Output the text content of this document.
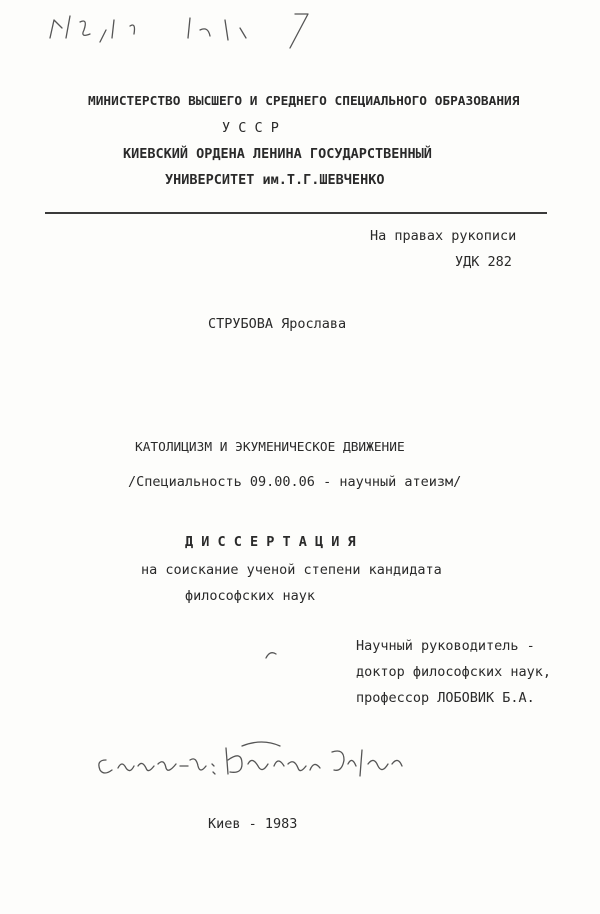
МИНИСТЕРСТВО ВЫСШЕГО И СРЕДНЕГО СПЕЦИАЛЬНОГО ОБРАЗОВАНИЯ
У С С Р
КИЕВСКИЙ ОРДЕНА ЛЕНИНА ГОСУДАРСТВЕННЫЙ
УНИВЕРСИТЕТ им.Т.Г.ШЕВЧЕНКО
На правах рукописи
УДК 282
СТРУБОВА Ярослава
КАТОЛИЦИЗМ И ЭКУМЕНИЧЕСКОЕ ДВИЖЕНИЕ
/Специальность 09.00.06 - научный атеизм/
Д И С С Е Р Т А Ц И Я
на соискание ученой степени кандидата
философских наук
Научный руководитель -
доктор философских наук,
профессор ЛОБОВИК Б.А.
Киев - 1983
